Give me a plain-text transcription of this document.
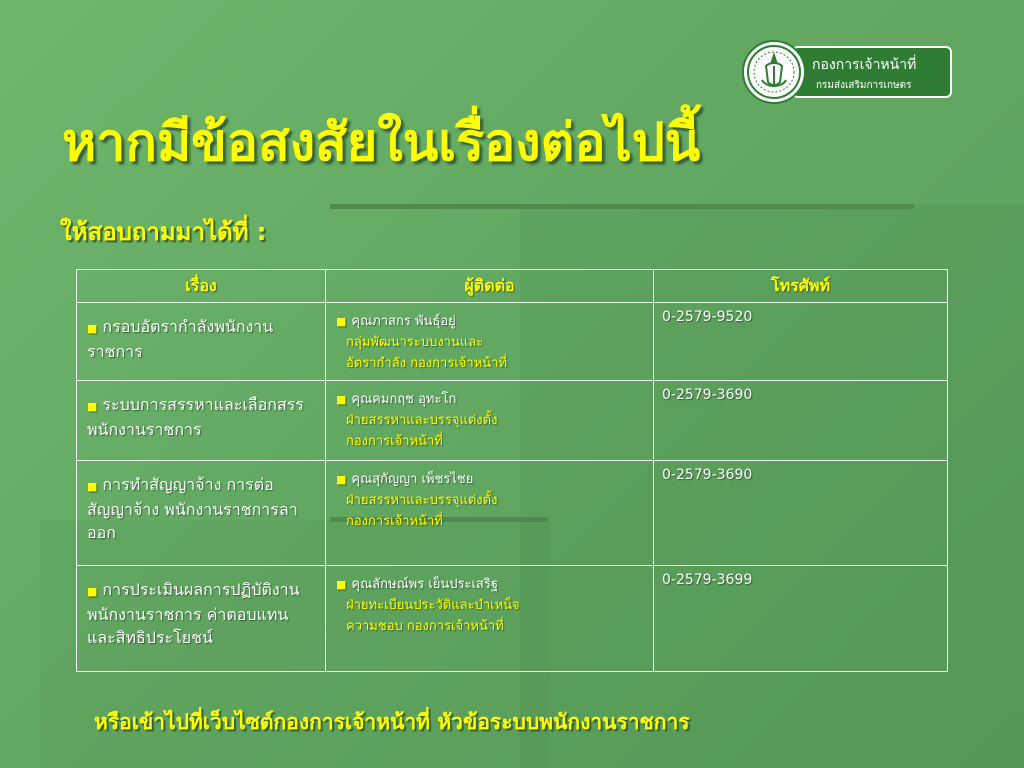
กองการเจ้าหน้าที่
กรมส่งเสริมการเกษตร
หากมีข้อสงสัยในเรื่องต่อไปนี้
ให้สอบถามมาได้ที่ :
เรื่อง	ผู้ติดต่อ	โทรศัพท์
■ กรอบอัตรากำลังพนักงานราชการ	■ คุณภาสกร พันธุ์อยู่
กลุ่มพัฒนาระบบงานและ
อัตรากำลัง กองการเจ้าหน้าที่	0-2579-9520
■ ระบบการสรรหาและเลือกสรรพนักงานราชการ	■ คุณคมกฤช อุทะโก
ฝ่ายสรรหาและบรรจุแต่งตั้ง
กองการเจ้าหน้าที่	0-2579-3690
■ การทำสัญญาจ้าง การต่อสัญญาจ้าง พนักงานราชการลาออก	■ คุณสุกัญญา เพ็ชรไชย
ฝ่ายสรรหาและบรรจุแต่งตั้ง
กองการเจ้าหน้าที่	0-2579-3690
■ การประเมินผลการปฏิบัติงานพนักงานราชการ ค่าตอบแทน และสิทธิประโยชน์	■ คุณลักษณ์พร เย็นประเสริฐ
ฝ่ายทะเบียนประวัติและบำเหน็จ
ความชอบ กองการเจ้าหน้าที่	0-2579-3699

หรือเข้าไปที่เว็บไซต์กองการเจ้าหน้าที่ หัวข้อระบบพนักงานราชการ
